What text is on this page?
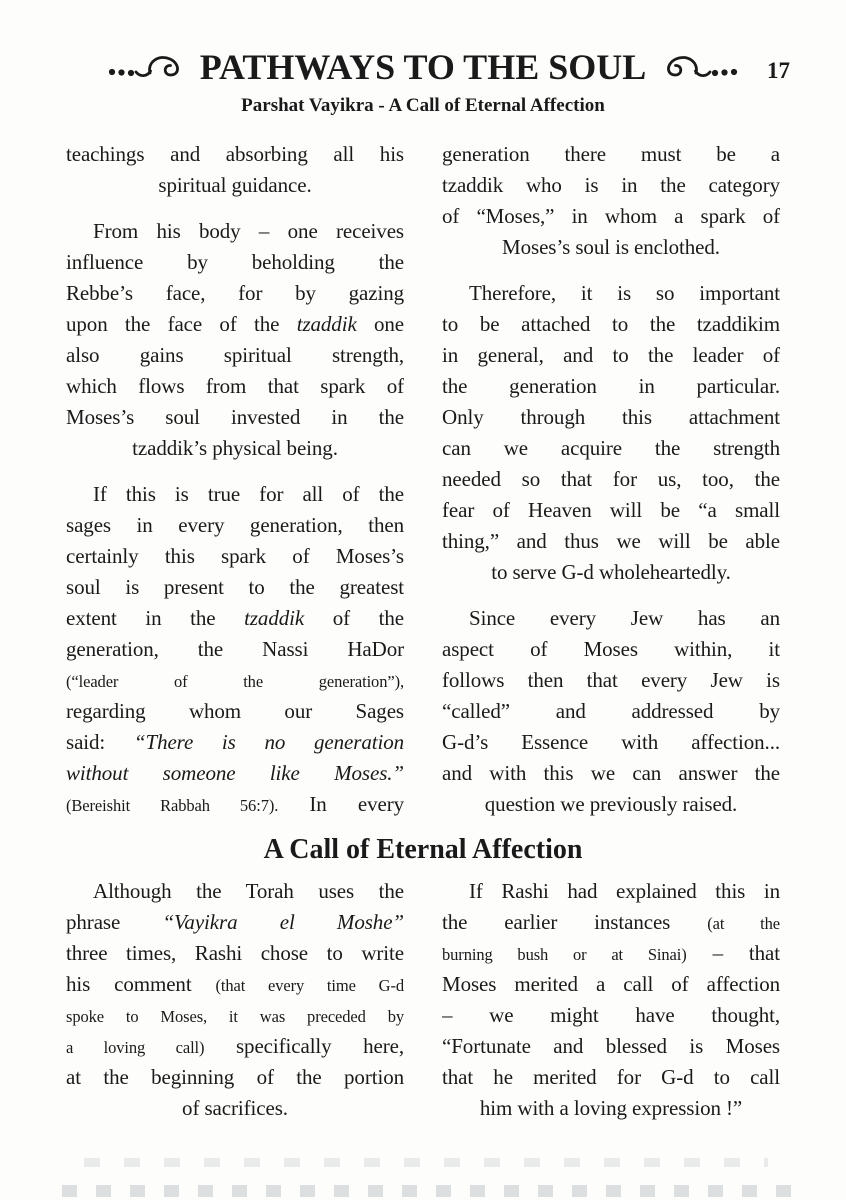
PATHWAYS TO THE SOUL	17
Parshat Vayikra - A Call of Eternal Affection
teachings and absorbing all his
spiritual guidance.
From his body – one receives
influence by beholding the
Rebbe’s face, for by gazing
upon the face of the tzaddik one
also gains spiritual strength,
which flows from that spark of
Moses’s soul invested in the
tzaddik’s physical being.
If this is true for all of the
sages in every generation, then
certainly this spark of Moses’s
soul is present to the greatest
extent in the tzaddik of the
generation, the Nassi HaDor
(“leader of the generation”),
regarding whom our Sages
said: “There is no generation
without someone like Moses.”
(Bereishit Rabbah 56:7). In every
generation there must be a
tzaddik who is in the category
of “Moses,” in whom a spark of
Moses’s soul is enclothed.
Therefore, it is so important
to be attached to the tzaddikim
in general, and to the leader of
the generation in particular.
Only through this attachment
can we acquire the strength
needed so that for us, too, the
fear of Heaven will be “a small
thing,” and thus we will be able
to serve G-d wholeheartedly.
Since every Jew has an
aspect of Moses within, it
follows then that every Jew is
“called” and addressed by
G-d’s Essence with affection...
and with this we can answer the
question we previously raised.
A Call of Eternal Affection
Although the Torah uses the
phrase “Vayikra el Moshe”
three times, Rashi chose to write
his comment (that every time G-d
spoke to Moses, it was preceded by
a loving call) specifically here,
at the beginning of the portion
of sacrifices.
If Rashi had explained this in
the earlier instances (at the
burning bush or at Sinai) – that
Moses merited a call of affection
– we might have thought,
“Fortunate and blessed is Moses
that he merited for G-d to call
him with a loving expression !”
